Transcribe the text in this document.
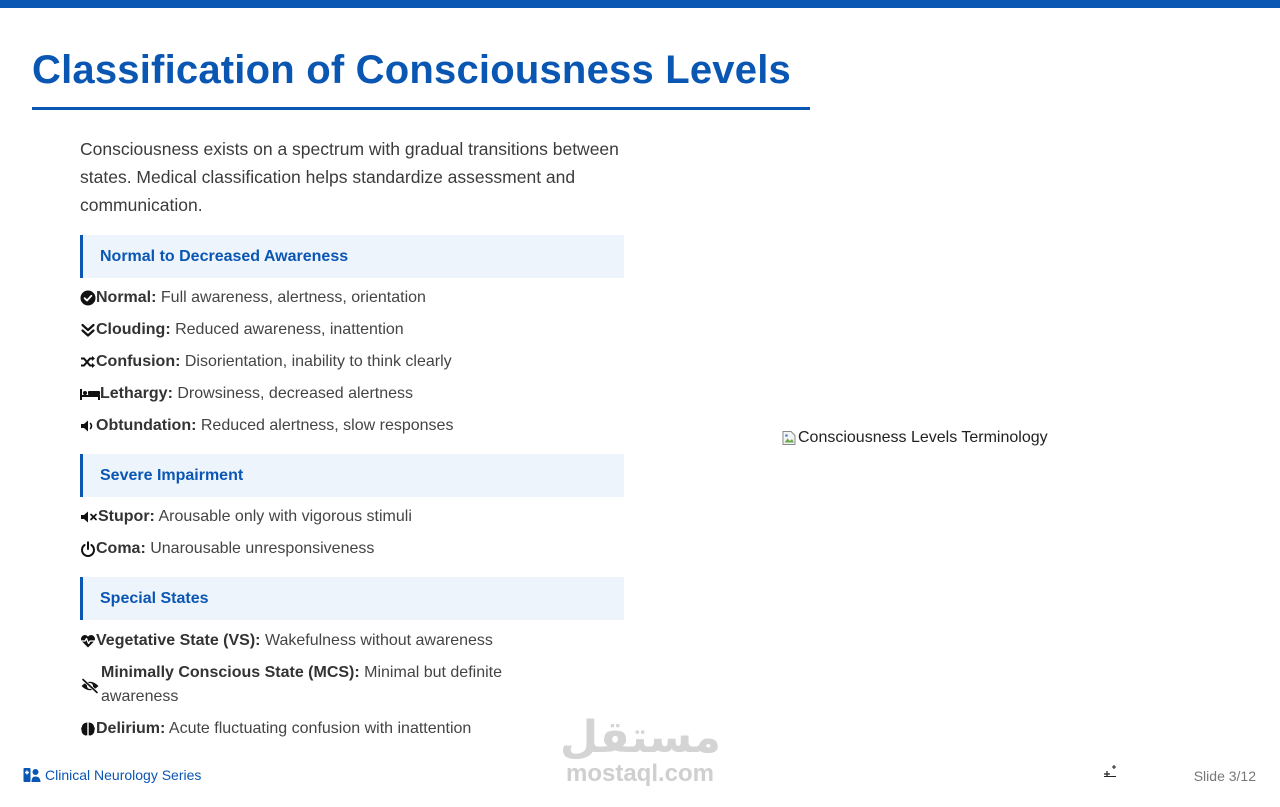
Classification of Consciousness Levels

Consciousness exists on a spectrum with gradual transitions between states. Medical classification helps standardize assessment and communication.

Normal to Decreased Awareness
Normal: Full awareness, alertness, orientation
Clouding: Reduced awareness, inattention
Confusion: Disorientation, inability to think clearly
Lethargy: Drowsiness, decreased alertness
Obtundation: Reduced alertness, slow responses
Severe Impairment
Stupor: Arousable only with vigorous stimuli
Coma: Unarousable unresponsiveness
Special States
Vegetative State (VS): Wakefulness without awareness
Minimally Conscious State (MCS): Minimal but definite awareness
Delirium: Acute fluctuating confusion with inattention
Consciousness Levels Terminology
مستقل
mostaql.com
Clinical Neurology Series	Slide 3/12
